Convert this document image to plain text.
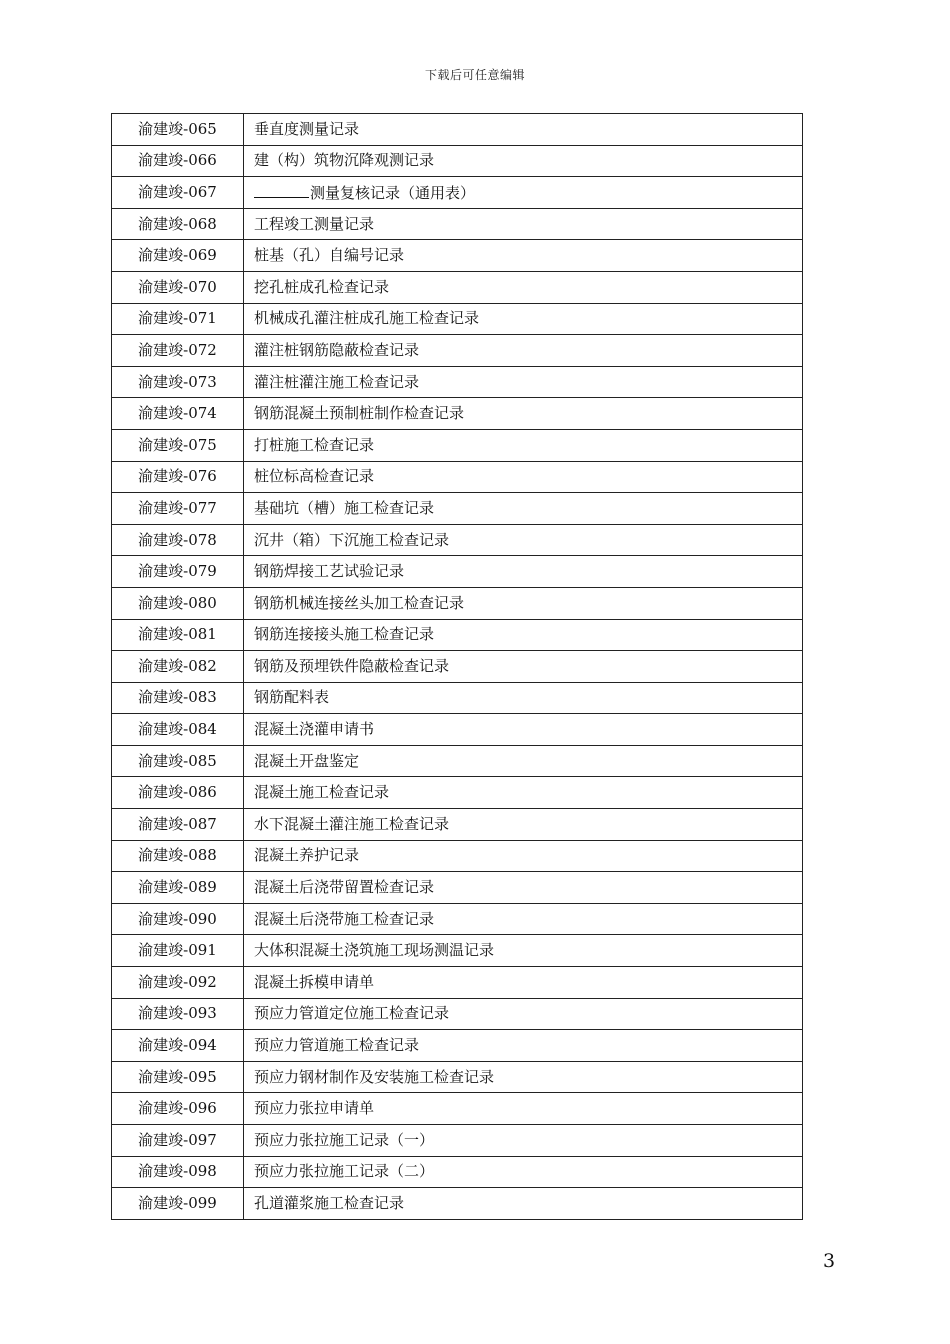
下载后可任意编辑
渝建竣-065	垂直度测量记录
渝建竣-066	建（构）筑物沉降观测记录
渝建竣-067	测量复核记录（通用表）
渝建竣-068	工程竣工测量记录
渝建竣-069	桩基（孔）自编号记录
渝建竣-070	挖孔桩成孔检查记录
渝建竣-071	机械成孔灌注桩成孔施工检查记录
渝建竣-072	灌注桩钢筋隐蔽检查记录
渝建竣-073	灌注桩灌注施工检查记录
渝建竣-074	钢筋混凝土预制桩制作检查记录
渝建竣-075	打桩施工检查记录
渝建竣-076	桩位标高检查记录
渝建竣-077	基础坑（槽）施工检查记录
渝建竣-078	沉井（箱）下沉施工检查记录
渝建竣-079	钢筋焊接工艺试验记录
渝建竣-080	钢筋机械连接丝头加工检查记录
渝建竣-081	钢筋连接接头施工检查记录
渝建竣-082	钢筋及预埋铁件隐蔽检查记录
渝建竣-083	钢筋配料表
渝建竣-084	混凝土浇灌申请书
渝建竣-085	混凝土开盘鉴定
渝建竣-086	混凝土施工检查记录
渝建竣-087	水下混凝土灌注施工检查记录
渝建竣-088	混凝土养护记录
渝建竣-089	混凝土后浇带留置检查记录
渝建竣-090	混凝土后浇带施工检查记录
渝建竣-091	大体积混凝土浇筑施工现场测温记录
渝建竣-092	混凝土拆模申请单
渝建竣-093	预应力管道定位施工检查记录
渝建竣-094	预应力管道施工检查记录
渝建竣-095	预应力钢材制作及安装施工检查记录
渝建竣-096	预应力张拉申请单
渝建竣-097	预应力张拉施工记录（一）
渝建竣-098	预应力张拉施工记录（二）
渝建竣-099	孔道灌浆施工检查记录
3
